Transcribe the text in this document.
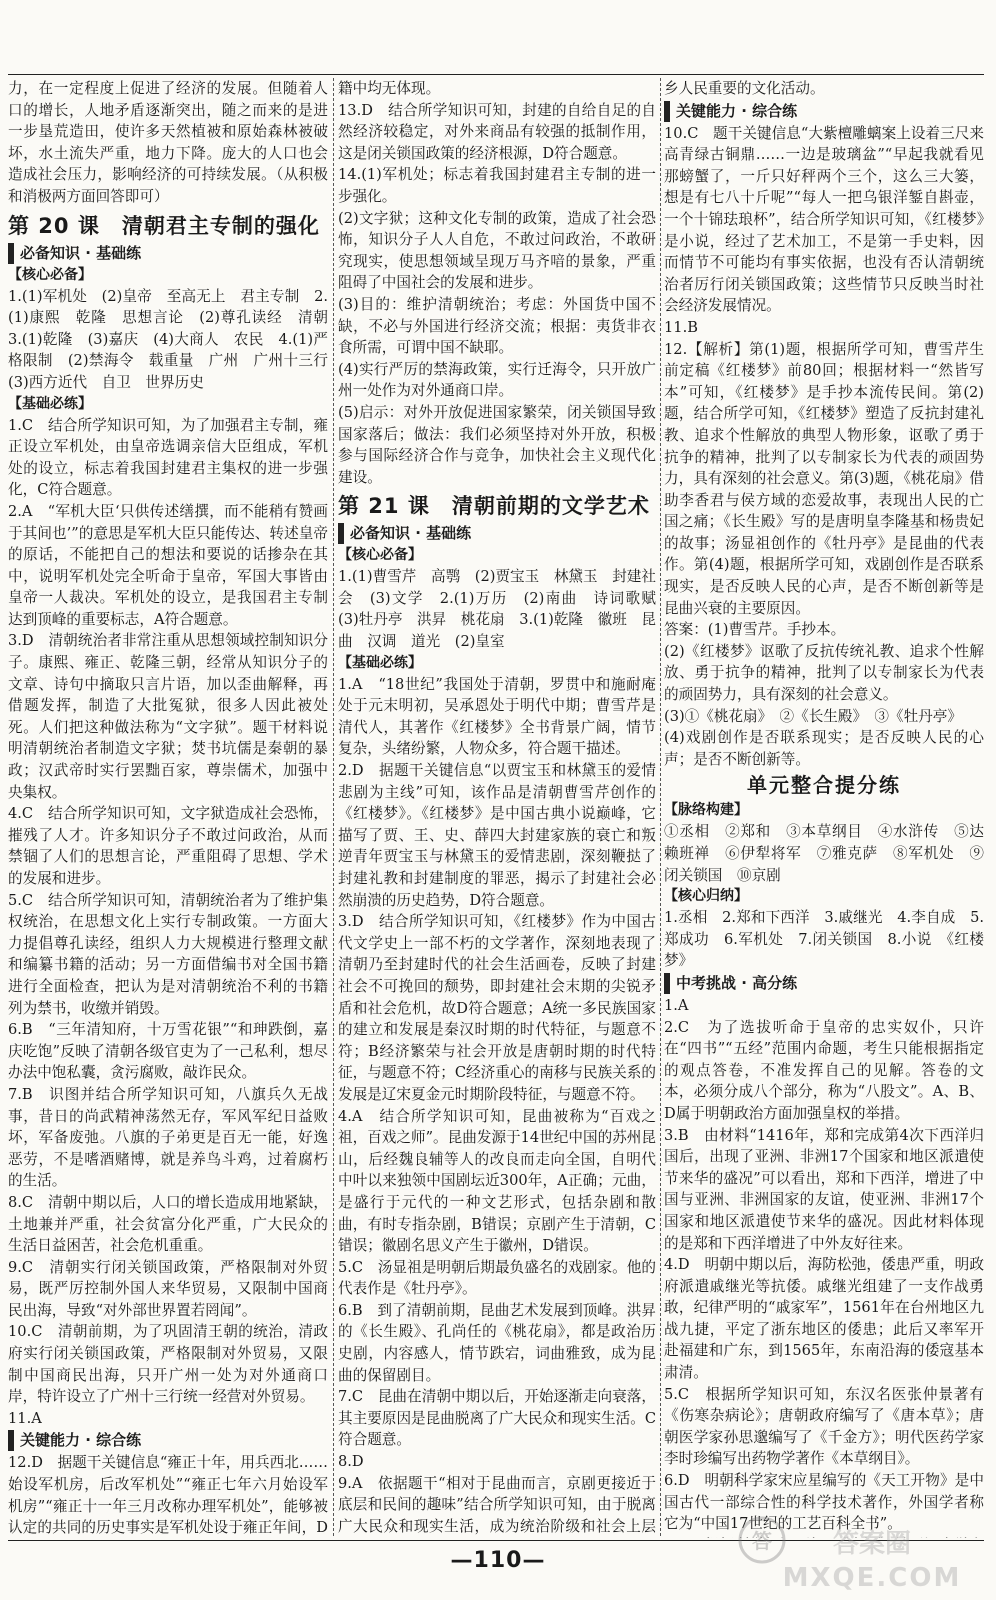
力，在一定程度上促进了经济的发展。但随着人口的增长，人地矛盾逐渐突出，随之而来的是进一步垦荒造田，使许多天然植被和原始森林被破坏，水土流失严重，地力下降。庞大的人口也会造成社会压力，影响经济的可持续发展。（从积极和消极两方面回答即可）
第 20 课　清朝君主专制的强化
必备知识 · 基础练
【核心必备】
1.(1)军机处　(2)皇帝　至高无上　君主专制　2.(1)康熙　乾隆　思想言论　(2)尊孔读经　清朝　3.(1)乾隆　(3)嘉庆　(4)大商人　农民　4.(1)严格限制　(2)禁海令　载重量　广州　广州十三行　(3)西方近代　自卫　世界历史
【基础必练】
1.C　结合所学知识可知，为了加强君主专制，雍正设立军机处，由皇帝选调亲信大臣组成，军机处的设立，标志着我国封建君主集权的进一步强化，C符合题意。
2.A　“军机大臣‘只供传述缮撰，而不能稍有赞画于其间也’”的意思是军机大臣只能传达、转述皇帝的原话，不能把自己的想法和要说的话掺杂在其中，说明军机处完全听命于皇帝，军国大事皆由皇帝一人裁决。军机处的设立，是我国君主专制达到顶峰的重要标志，A符合题意。
3.D　清朝统治者非常注重从思想领域控制知识分子。康熙、雍正、乾隆三朝，经常从知识分子的文章、诗句中摘取只言片语，加以歪曲解释，再借题发挥，制造了大批冤狱，很多人因此被处死。人们把这种做法称为“文字狱”。题干材料说明清朝统治者制造文字狱；焚书坑儒是秦朝的暴政；汉武帝时实行罢黜百家，尊崇儒术，加强中央集权。
4.C　结合所学知识可知，文字狱造成社会恐怖，摧残了人才。许多知识分子不敢过问政治，从而禁锢了人们的思想言论，严重阻碍了思想、学术的发展和进步。
5.C　结合所学知识可知，清朝统治者为了维护集权统治，在思想文化上实行专制政策。一方面大力提倡尊孔读经，组织人力大规模进行整理文献和编纂书籍的活动；另一方面借编书对全国书籍进行全面检查，把认为是对清朝统治不利的书籍列为禁书，收缴并销毁。
6.B　“三年清知府，十万雪花银”“和珅跌倒，嘉庆吃饱”反映了清朝各级官吏为了一己私利，想尽办法中饱私囊，贪污腐败，敲诈民众。
7.B　识图并结合所学知识可知，八旗兵久无战事，昔日的尚武精神荡然无存，军风军纪日益败坏，军备废弛。八旗的子弟更是百无一能，好逸恶劳，不是嗜酒赌博，就是养鸟斗鸡，过着腐朽的生活。
8.C　清朝中期以后，人口的增长造成用地紧缺，土地兼并严重，社会贫富分化严重，广大民众的生活日益困苦，社会危机重重。
9.C　清朝实行闭关锁国政策，严格限制对外贸易，既严厉控制外国人来华贸易，又限制中国商民出海，导致“对外部世界置若罔闻”。
10.C　清朝前期，为了巩固清王朝的统治，清政府实行闭关锁国政策，严格限制对外贸易，又限制中国商民出海，只开广州一处为对外通商口岸，特许设立了广州十三行统一经营对外贸易。
11.A
关键能力 · 综合练
12.D　据题干关键信息“雍正十年，用兵西北……始设军机房，后改军机处”“雍正七年六月始设军机房”“雍正十一年三月改称办理军机处”，能够被认定的共同的历史事实是军机处设于雍正年间，D
籍中均无体现。
13.D　结合所学知识可知，封建的自给自足的自然经济较稳定，对外来商品有较强的抵制作用，这是闭关锁国政策的经济根源，D符合题意。
14.(1)军机处；标志着我国封建君主专制的进一步强化。
(2)文字狱；这种文化专制的政策，造成了社会恐怖，知识分子人人自危，不敢过问政治，不敢研究现实，使思想领域呈现万马齐喑的景象，严重阻碍了中国社会的发展和进步。
(3)目的：维护清朝统治；考虑：外国货中国不缺，不必与外国进行经济交流；根据：夷货非衣食所需，可谓中国不缺耶。
(4)实行严厉的禁海政策，实行迁海令，只开放广州一处作为对外通商口岸。
(5)启示：对外开放促进国家繁荣，闭关锁国导致国家落后；做法：我们必须坚持对外开放，积极参与国际经济合作与竞争，加快社会主义现代化建设。
第 21 课　清朝前期的文学艺术
必备知识 · 基础练
【核心必备】
1.(1)曹雪芹　高鹗　(2)贾宝玉　林黛玉　封建社会　(3)文学　2.(1)万历　(2)南曲　诗词歌赋　(3)牡丹亭　洪昇　桃花扇　3.(1)乾隆　徽班　昆曲　汉调　道光　(2)皇室
【基础必练】
1.A　“18世纪”我国处于清朝，罗贯中和施耐庵处于元末明初，吴承恩处于明代中期；曹雪芹是清代人，其著作《红楼梦》全书背景广阔，情节复杂，头绪纷繁，人物众多，符合题干描述。
2.D　据题干关键信息“以贾宝玉和林黛玉的爱情悲剧为主线”可知，该作品是清朝曹雪芹创作的《红楼梦》。《红楼梦》是中国古典小说巅峰，它描写了贾、王、史、薛四大封建家族的衰亡和叛逆青年贾宝玉与林黛玉的爱情悲剧，深刻鞭挞了封建礼教和封建制度的罪恶，揭示了封建社会必然崩溃的历史趋势，D符合题意。
3.D　结合所学知识可知，《红楼梦》作为中国古代文学史上一部不朽的文学著作，深刻地表现了清朝乃至封建时代的社会生活画卷，反映了封建社会不可挽回的颓势，即封建社会末期的尖锐矛盾和社会危机，故D符合题意；A统一多民族国家的建立和发展是秦汉时期的时代特征，与题意不符；B经济繁荣与社会开放是唐朝时期的时代特征，与题意不符；C经济重心的南移与民族关系的发展是辽宋夏金元时期阶段特征，与题意不符。
4.A　结合所学知识可知，昆曲被称为“百戏之祖，百戏之师”。昆曲发源于14世纪中国的苏州昆山，后经魏良辅等人的改良而走向全国，自明代中叶以来独领中国剧坛近300年，A正确；元曲，是盛行于元代的一种文艺形式，包括杂剧和散曲，有时专指杂剧，B错误；京剧产生于清朝，C错误；徽剧名思义产生于徽州，D错误。
5.C　汤显祖是明朝后期最负盛名的戏剧家。他的代表作是《牡丹亭》。
6.B　到了清朝前期，昆曲艺术发展到顶峰。洪昇的《长生殿》、孔尚任的《桃花扇》，都是政治历史剧，内容感人，情节跌宕，词曲雅致，成为昆曲的保留剧目。
7.C　昆曲在清朝中期以后，开始逐渐走向衰落，其主要原因是昆曲脱离了广大民众和现实生活。C符合题意。
8.D
9.A　依据题干“相对于昆曲而言，京剧更接近于底层和民间的趣味”结合所学知识可知，由于脱离广大民众和现实生活，成为统治阶级和社会上层
乡人民重要的文化活动。
关键能力 · 综合练
10.C　题干关键信息“大紫檀雕螭案上设着三尺来高青绿古铜鼎……一边是玻璃盆”“早起我就看见那螃蟹了，一斤只好秤两个三个，这么三大篓，想是有七八十斤呢”“每人一把乌银洋錾自斟壶，一个十锦珐琅杯”，结合所学知识可知，《红楼梦》是小说，经过了艺术加工，不是第一手史料，因而情节不可能均有事实依据，也没有否认清朝统治者厉行闭关锁国政策；这些情节只反映当时社会经济发展情况。
11.B
12.【解析】第(1)题，根据所学可知，曹雪芹生前定稿《红楼梦》前80回；根据材料一“然皆写本”可知，《红楼梦》是手抄本流传民间。第(2)题，结合所学可知，《红楼梦》塑造了反抗封建礼教、追求个性解放的典型人物形象，讴歌了勇于抗争的精神，批判了以专制家长为代表的顽固势力，具有深刻的社会意义。第(3)题，《桃花扇》借助李香君与侯方域的恋爱故事，表现出人民的亡国之痛；《长生殿》写的是唐明皇李隆基和杨贵妃的故事；汤显祖创作的《牡丹亭》是昆曲的代表作。第(4)题，根据所学可知，戏剧创作是否联系现实，是否反映人民的心声，是否不断创新等是昆曲兴衰的主要原因。
答案：(1)曹雪芹。手抄本。
(2)《红楼梦》讴歌了反抗传统礼教、追求个性解放、勇于抗争的精神，批判了以专制家长为代表的顽固势力，具有深刻的社会意义。
(3)①《桃花扇》　②《长生殿》　③《牡丹亭》
(4)戏剧创作是否联系现实；是否反映人民的心声；是否不断创新等。
单元整合提分练
【脉络构建】
①丞相　②郑和　③本草纲目　④水浒传　⑤达赖班禅　⑥伊犁将军　⑦雅克萨　⑧军机处　⑨闭关锁国　⑩京剧
【核心归纳】
1.丞相　2.郑和下西洋　3.戚继光　4.李自成　5.郑成功　6.军机处　7.闭关锁国　8.小说　《红楼梦》
中考挑战 · 高分练
1.A
2.C　为了选拔听命于皇帝的忠实奴仆，只许在“四书”“五经”范围内命题，考生只能根据指定的观点答卷，不准发挥自己的见解。答卷的文本，必须分成八个部分，称为“八股文”。A、B、D属于明朝政治方面加强皇权的举措。
3.B　由材料“1416年，郑和完成第4次下西洋归国后，出现了亚洲、非洲17个国家和地区派遣使节来华的盛况”可以看出，郑和下西洋，增进了中国与亚洲、非洲国家的友谊，使亚洲、非洲17个国家和地区派遣使节来华的盛况。因此材料体现的是郑和下西洋增进了中外友好往来。
4.D　明朝中期以后，海防松弛，倭患严重，明政府派遣戚继光等抗倭。戚继光组建了一支作战勇敢，纪律严明的“戚家军”，1561年在台州地区九战九捷，平定了浙东地区的倭患；此后又率军开赴福建和广东，到1565年，东南沿海的倭寇基本肃清。
5.C　根据所学知识可知，东汉名医张仲景著有《伤寒杂病论》；唐朝政府编写了《唐本草》；唐朝医学家孙思邈编写了《千金方》；明代医药学家李时珍编写出药物学著作《本草纲目》。
6.D　明朝科学家宋应星编写的《天工开物》是中国古代一部综合性的科学技术著作，外国学者称它为“中国17世纪的工艺百科全书”。
—110—
答 答案圈
MXQE.COM
